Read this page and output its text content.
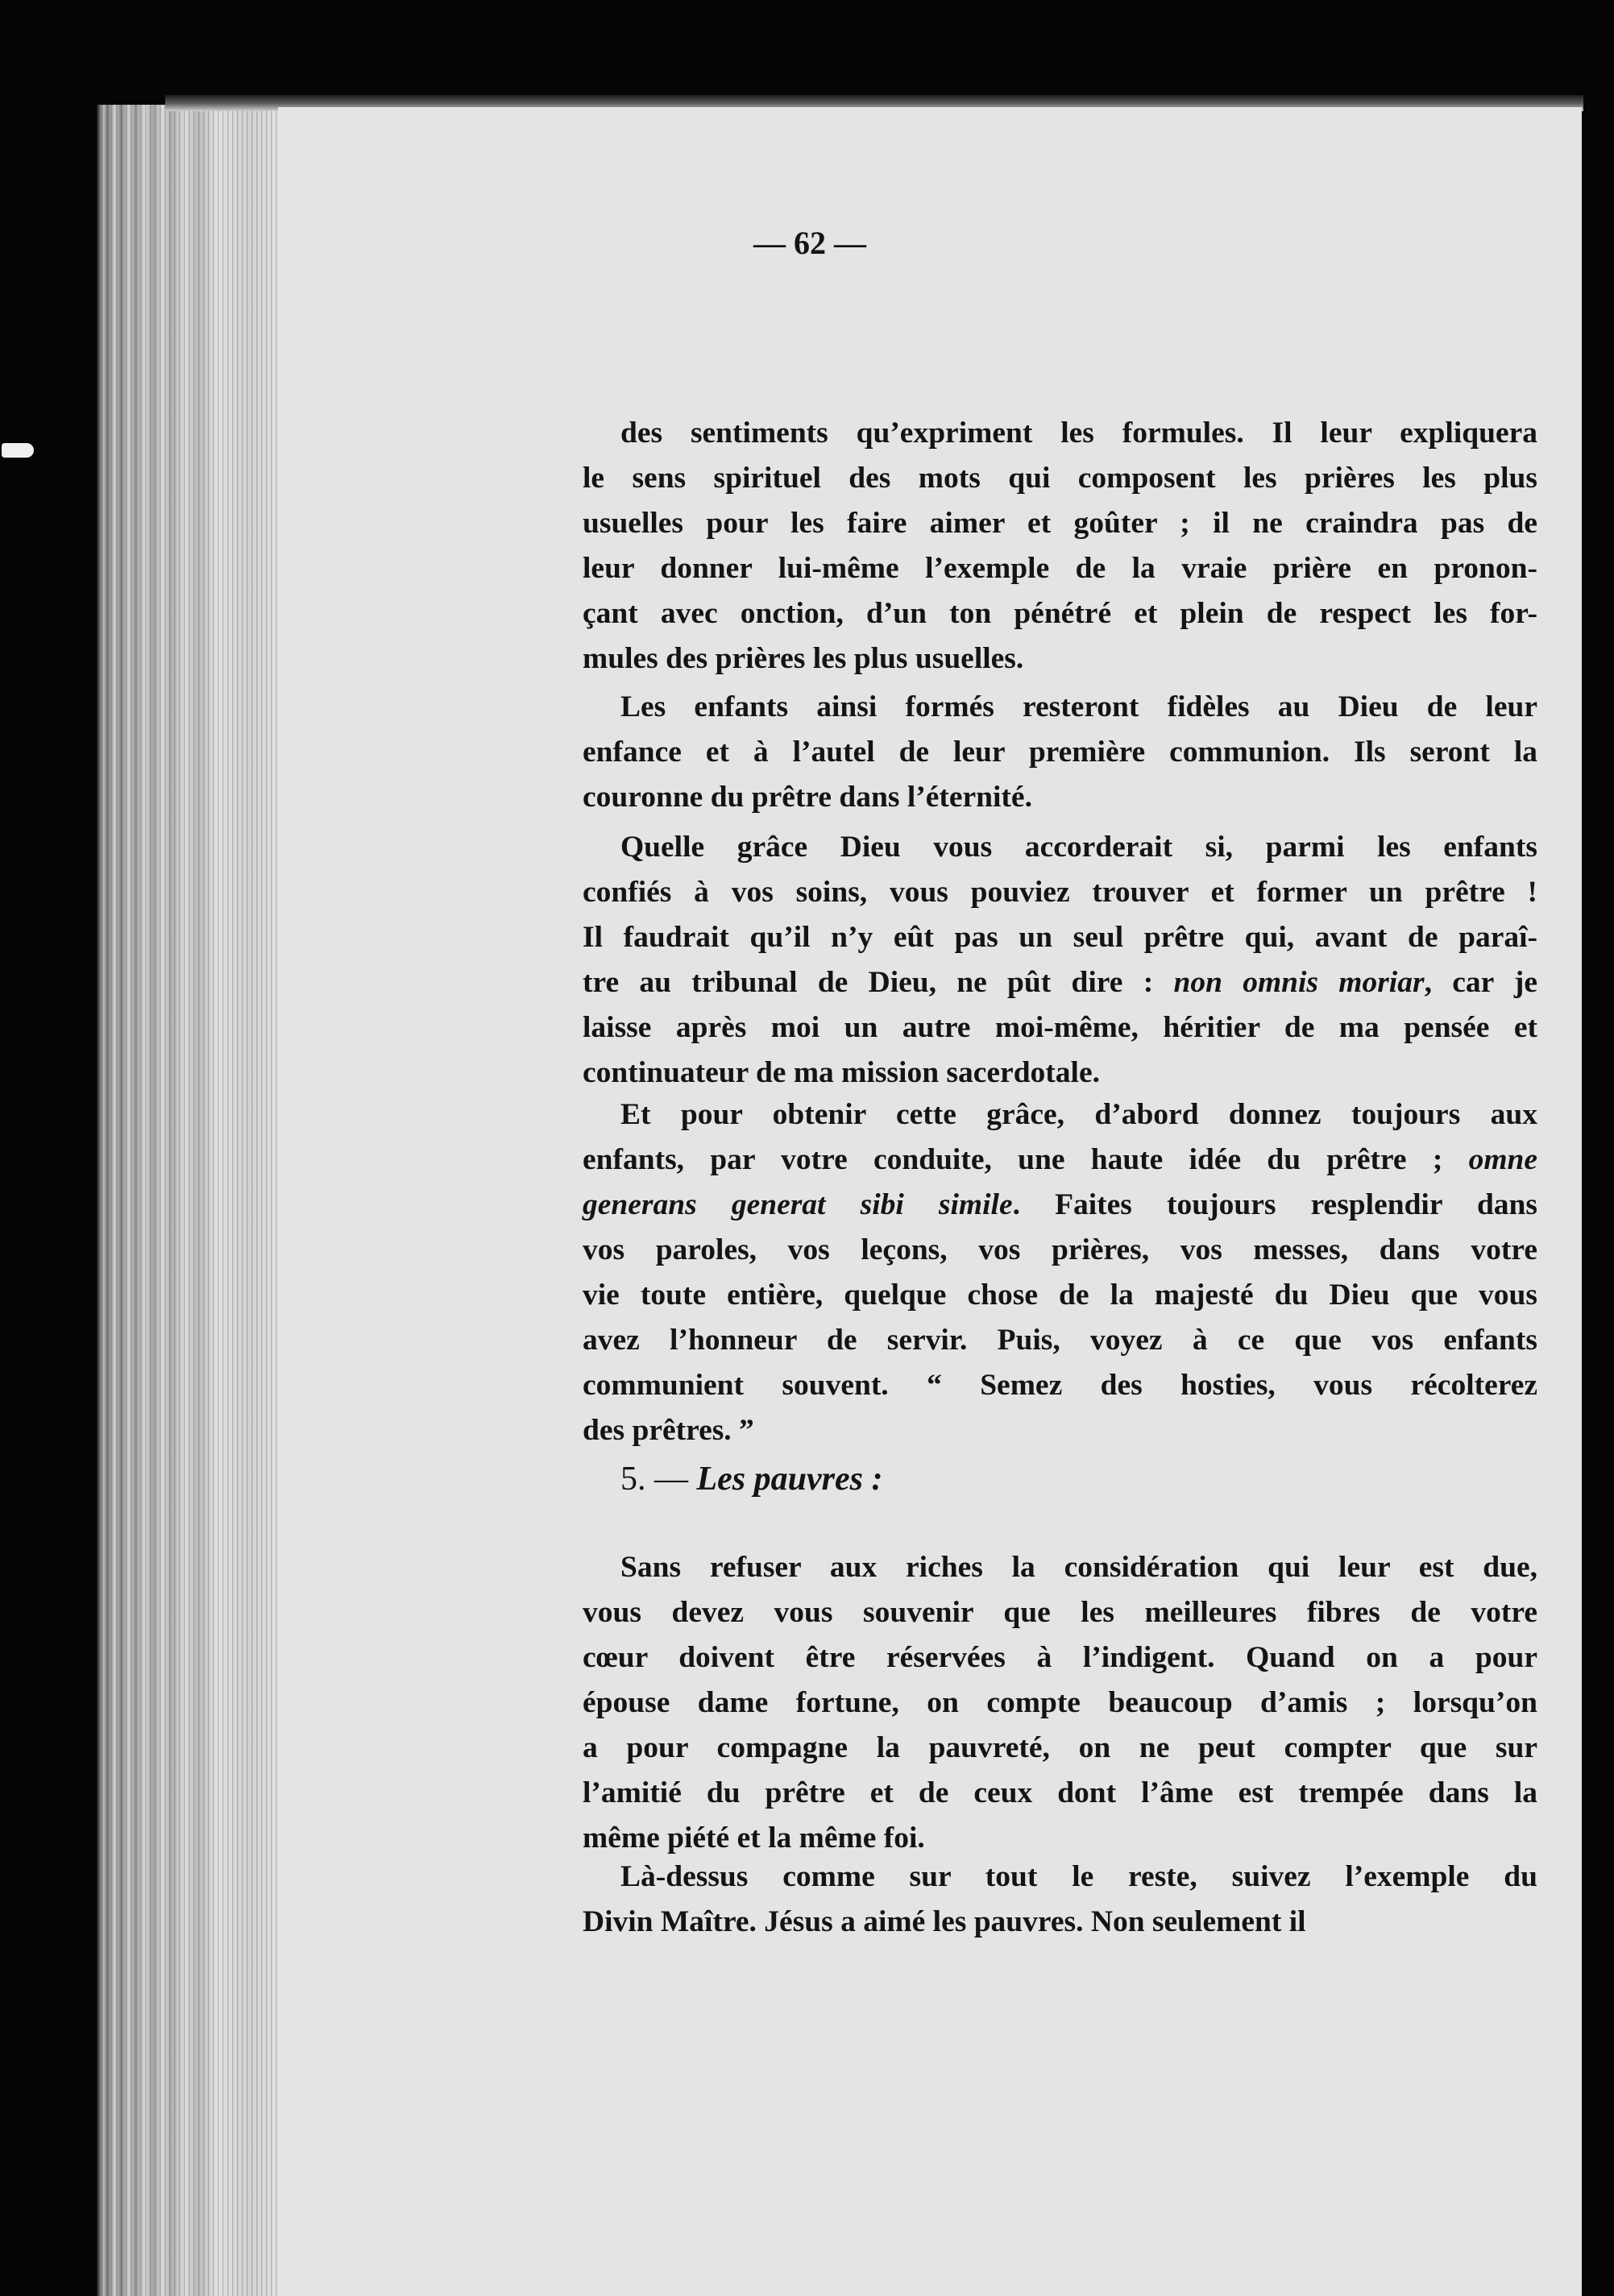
— 62 —

des sentiments qu’expriment les formules. Il leur expliquera
le sens spirituel des mots qui composent les prières les plus
usuelles pour les faire aimer et goûter ; il ne craindra pas de
leur donner lui-même l’exemple de la vraie prière en pronon-
çant avec onction, d’un ton pénétré et plein de respect les for-
mules des prières les plus usuelles.

Les enfants ainsi formés resteront fidèles au Dieu de leur
enfance et à l’autel de leur première communion. Ils seront la
couronne du prêtre dans l’éternité.

Quelle grâce Dieu vous accorderait si, parmi les enfants
confiés à vos soins, vous pouviez trouver et former un prêtre !
Il faudrait qu’il n’y eût pas un seul prêtre qui, avant de paraî-
tre au tribunal de Dieu, ne pût dire : non omnis moriar, car je
laisse après moi un autre moi-même, héritier de ma pensée et
continuateur de ma mission sacerdotale.

Et pour obtenir cette grâce, d’abord donnez toujours aux
enfants, par votre conduite, une haute idée du prêtre ; omne
generans generat sibi simile. Faites toujours resplendir dans
vos paroles, vos leçons, vos prières, vos messes, dans votre
vie toute entière, quelque chose de la majesté du Dieu que vous
avez l’honneur de servir. Puis, voyez à ce que vos enfants
communient souvent. “ Semez des hosties, vous récolterez
des prêtres. ”

5. — Les pauvres :

Sans refuser aux riches la considération qui leur est due,
vous devez vous souvenir que les meilleures fibres de votre
cœur doivent être réservées à l’indigent. Quand on a pour
épouse dame fortune, on compte beaucoup d’amis ; lorsqu’on
a pour compagne la pauvreté, on ne peut compter que sur
l’amitié du prêtre et de ceux dont l’âme est trempée dans la
même piété et la même foi.

Là-dessus comme sur tout le reste, suivez l’exemple du
Divin Maître. Jésus a aimé les pauvres. Non seulement il
